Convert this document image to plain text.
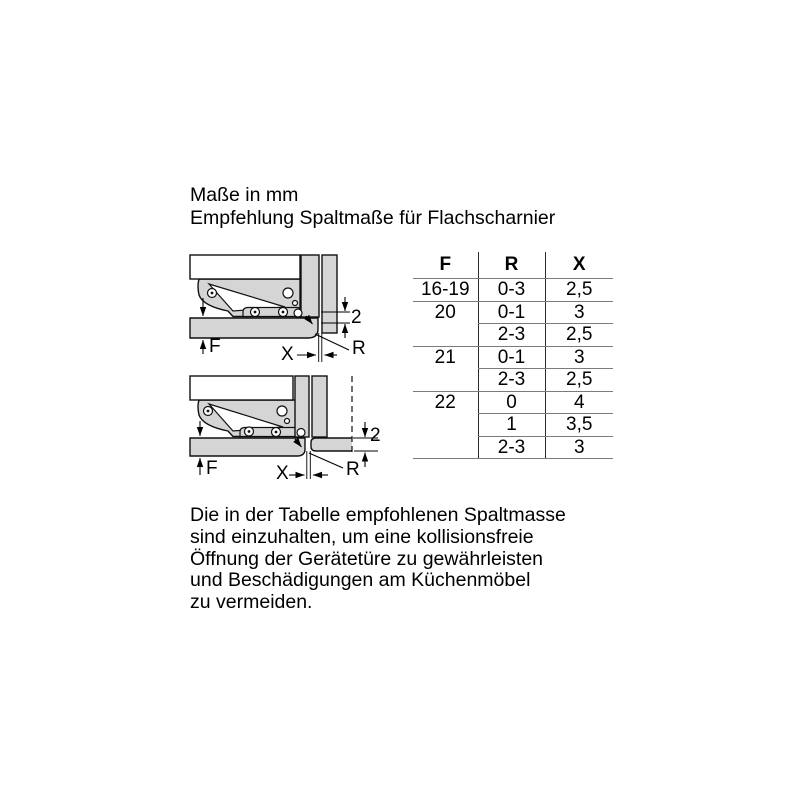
Maße in mm
Empfehlung Spaltmaße für Flachscharnier
F	X	R
2
F	X	R
2
F	R	X
16-19	0-3	2,5
20	0-1	3
	2-3	2,5
21	0-1	3
	2-3	2,5
22	0	4
	1	3,5
	2-3	3
Die in der Tabelle empfohlenen Spaltmasse
sind einzuhalten, um eine kollisionsfreie
Öffnung der Gerätetüre zu gewährleisten
und Beschädigungen am Küchenmöbel
zu vermeiden.
